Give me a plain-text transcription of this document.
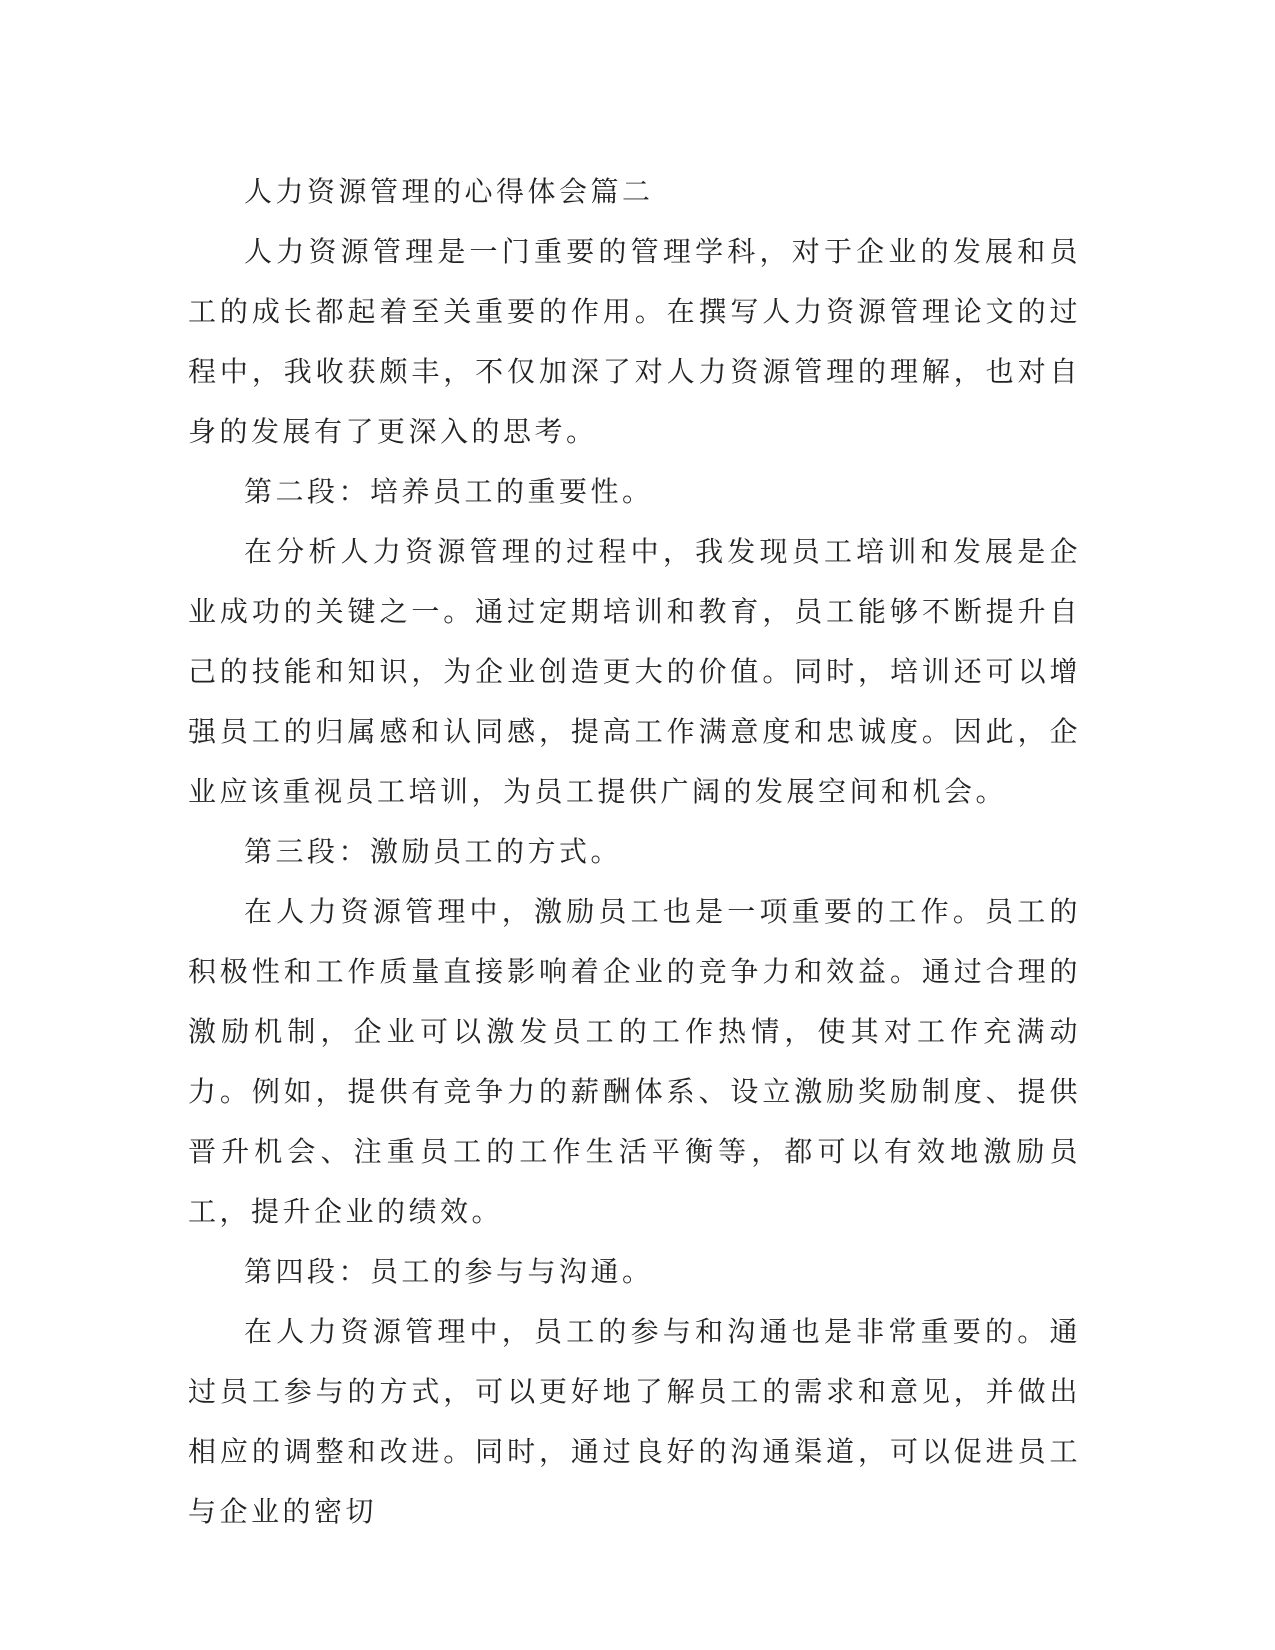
人力资源管理的心得体会篇二

人力资源管理是一门重要的管理学科，对于企业的发展和员工的成长都起着至关重要的作用。在撰写人力资源管理论文的过程中，我收获颇丰，不仅加深了对人力资源管理的理解，也对自身的发展有了更深入的思考。

第二段：培养员工的重要性。

在分析人力资源管理的过程中，我发现员工培训和发展是企业成功的关键之一。通过定期培训和教育，员工能够不断提升自己的技能和知识，为企业创造更大的价值。同时，培训还可以增强员工的归属感和认同感，提高工作满意度和忠诚度。因此，企业应该重视员工培训，为员工提供广阔的发展空间和机会。

第三段：激励员工的方式。

在人力资源管理中，激励员工也是一项重要的工作。员工的积极性和工作质量直接影响着企业的竞争力和效益。通过合理的激励机制，企业可以激发员工的工作热情，使其对工作充满动力。例如，提供有竞争力的薪酬体系、设立激励奖励制度、提供晋升机会、注重员工的工作生活平衡等，都可以有效地激励员工，提升企业的绩效。

第四段：员工的参与与沟通。

在人力资源管理中，员工的参与和沟通也是非常重要的。通过员工参与的方式，可以更好地了解员工的需求和意见，并做出相应的调整和改进。同时，通过良好的沟通渠道，可以促进员工与企业的密切
